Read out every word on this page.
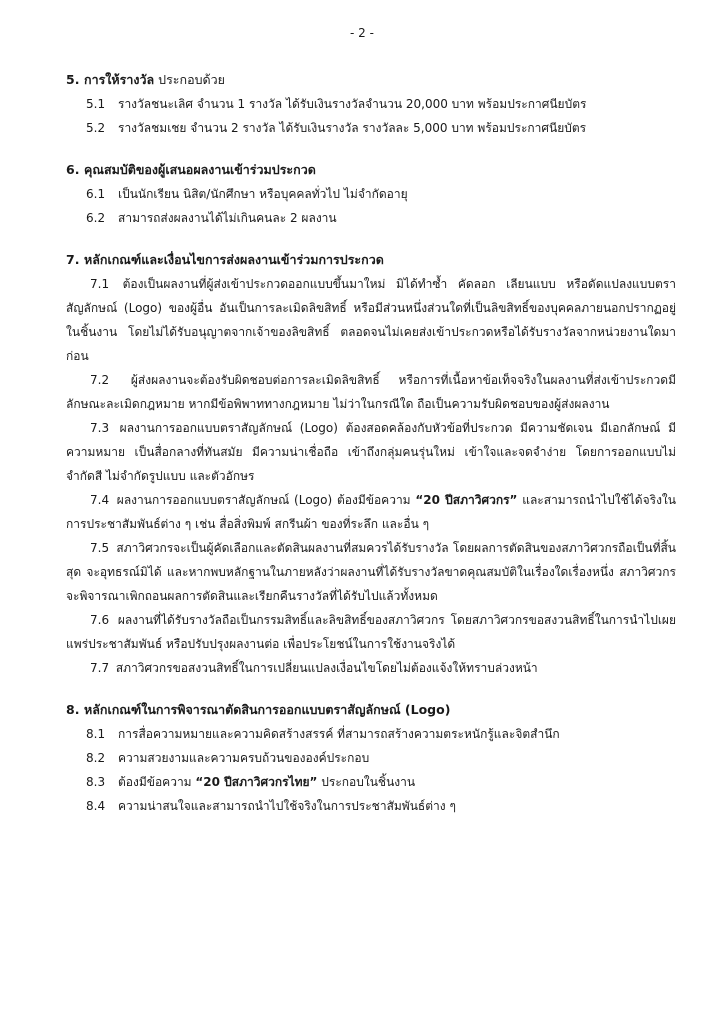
- 2 -

5. การให้รางวัล ประกอบด้วย

5.1 รางวัลชนะเลิศ จำนวน 1 รางวัล ได้รับเงินรางวัลจำนวน 20,000 บาท พร้อมประกาศนียบัตร
5.2 รางวัลชมเชย จำนวน 2 รางวัล ได้รับเงินรางวัล รางวัลละ 5,000 บาท พร้อมประกาศนียบัตร

6. คุณสมบัติของผู้เสนอผลงานเข้าร่วมประกวด

6.1 เป็นนักเรียน นิสิต/นักศึกษา หรือบุคคลทั่วไป ไม่จำกัดอายุ
6.2 สามารถส่งผลงานได้ไม่เกินคนละ 2 ผลงาน

7. หลักเกณฑ์และเงื่อนไขการส่งผลงานเข้าร่วมการประกวด

7.1 ต้องเป็นผลงานที่ผู้ส่งเข้าประกวดออกแบบขึ้นมาใหม่ มิได้ทำซ้ำ คัดลอก เลียนแบบ หรือดัดแปลงแบบตราสัญลักษณ์ (Logo) ของผู้อื่น อันเป็นการละเมิดลิขสิทธิ์ หรือมีส่วนหนึ่งส่วนใดที่เป็นลิขสิทธิ์ของบุคคลภายนอกปรากฏอยู่ในชิ้นงาน โดยไม่ได้รับอนุญาตจากเจ้าของลิขสิทธิ์ ตลอดจนไม่เคยส่งเข้าประกวดหรือได้รับรางวัลจากหน่วยงานใดมาก่อน

7.2 ผู้ส่งผลงานจะต้องรับผิดชอบต่อการละเมิดลิขสิทธิ์ หรือการที่เนื้อหาข้อเท็จจริงในผลงานที่ส่งเข้าประกวดมีลักษณะละเมิดกฎหมาย หากมีข้อพิพาททางกฎหมาย ไม่ว่าในกรณีใด ถือเป็นความรับผิดชอบของผู้ส่งผลงาน

7.3 ผลงานการออกแบบตราสัญลักษณ์ (Logo) ต้องสอดคล้องกับหัวข้อที่ประกวด มีความชัดเจน มีเอกลักษณ์ มีความหมาย เป็นสื่อกลางที่ทันสมัย มีความน่าเชื่อถือ เข้าถึงกลุ่มคนรุ่นใหม่ เข้าใจและจดจำง่าย โดยการออกแบบไม่จำกัดสี ไม่จำกัดรูปแบบ และตัวอักษร

7.4 ผลงานการออกแบบตราสัญลักษณ์ (Logo) ต้องมีข้อความ “20 ปีสภาวิศวกร” และสามารถนำไปใช้ได้จริงในการประชาสัมพันธ์ต่าง ๆ เช่น สื่อสิ่งพิมพ์ สกรีนผ้า ของที่ระลึก และอื่น ๆ

7.5 สภาวิศวกรจะเป็นผู้คัดเลือกและตัดสินผลงานที่สมควรได้รับรางวัล โดยผลการตัดสินของสภาวิศวกรถือเป็นที่สิ้นสุด จะอุทธรณ์มิได้ และหากพบหลักฐานในภายหลังว่าผลงานที่ได้รับรางวัลขาดคุณสมบัติในเรื่องใดเรื่องหนึ่ง สภาวิศวกรจะพิจารณาเพิกถอนผลการตัดสินและเรียกคืนรางวัลที่ได้รับไปแล้วทั้งหมด

7.6 ผลงานที่ได้รับรางวัลถือเป็นกรรมสิทธิ์และลิขสิทธิ์ของสภาวิศวกร โดยสภาวิศวกรขอสงวนสิทธิ์ในการนำไปเผยแพร่ประชาสัมพันธ์ หรือปรับปรุงผลงานต่อ เพื่อประโยชน์ในการใช้งานจริงได้

7.7 สภาวิศวกรขอสงวนสิทธิ์ในการเปลี่ยนแปลงเงื่อนไขโดยไม่ต้องแจ้งให้ทราบล่วงหน้า

8. หลักเกณฑ์ในการพิจารณาตัดสินการออกแบบตราสัญลักษณ์ (Logo)

8.1 การสื่อความหมายและความคิดสร้างสรรค์ ที่สามารถสร้างความตระหนักรู้และจิตสำนึก
8.2 ความสวยงามและความครบถ้วนขององค์ประกอบ
8.3 ต้องมีข้อความ “20 ปีสภาวิศวกรไทย” ประกอบในชิ้นงาน
8.4 ความน่าสนใจและสามารถนำไปใช้จริงในการประชาสัมพันธ์ต่าง ๆ
